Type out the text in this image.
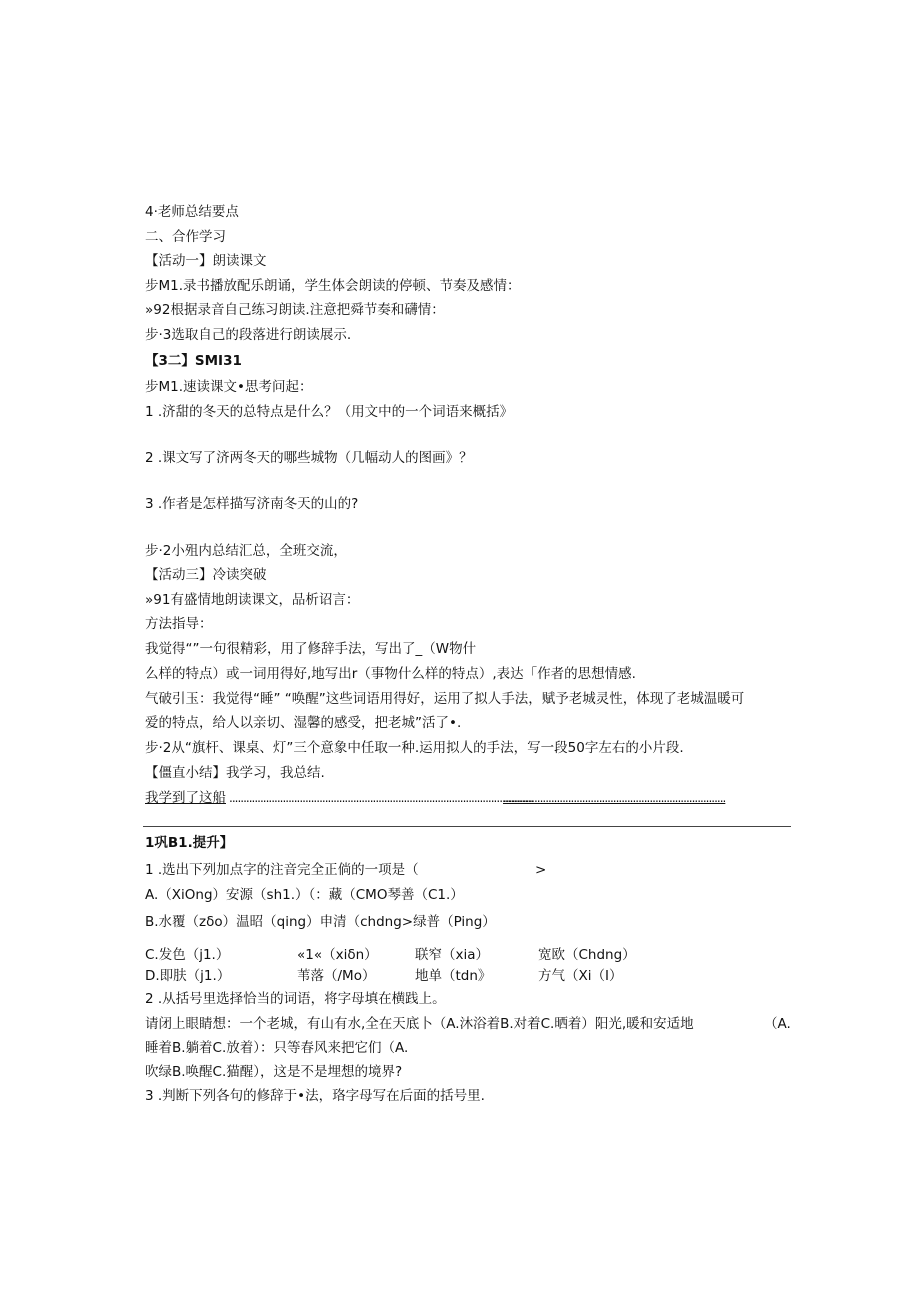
4·老师总结要点
二、合作学习
【活动一】朗读课文
步M1.录书播放配乐朗诵，学生体会朗读的停顿、节奏及感情：
»92根据录音自己练习朗读.注意把舜节奏和礴情：
步·3选取自己的段落进行朗读展示.
【3二】SMI31
步M1.速读课文•思考问起：
1 .济甜的冬天的总特点是什么？（用文中的一个词语来概括》
2 .课文写了济两冬天的哪些城物（几幅动人的图画》？
3 .作者是怎样描写济南冬天的山的?
步·2小殂内总结汇总，全班交流，
【活动三】冷读突破
»91有盛情地朗读课文，品析诏言：
方法指导：
我觉得“”一句很精彩，用了修辞手法，写出了_（W物什
么样的特点）或一词用得好,地写出r（事物什么样的特点）,表达「作者的思想情感.
气破引玉：我觉得“睡” “唤醒”这些词语用得好，运用了拟人手法，赋予老城灵性，体现了老城温暖可
爱的特点，给人以亲切、湿馨的感受，把老城”活了•.
步·2从“旗杆、课桌、灯”三个意象中任取一种.运用拟人的手法，写一段50字左右的小片段.
【僵直小结】我学习，我总结.
我学到了这船 ............................................................................................................
...............................................................................
1巩B1.提升】
1 .选出下列加点字的注音完全正倘的一项是（	>
A.（XiOng）安源（sh1.）（：藏（CMO琴善（C1.）
B.水覆（zδo）温昭（qing）申清（chdng>绿普（Ping）
C.发色（j1.）	«1«（xiδn）	联窄（xia）	宽欧（Chdng）
D.即肤（j1.）	苇落（/Mo）	地单（tdn》	方气（Xi（I）
2 .从括号里选择恰当的词语，将字母填在横践上。
请闭上眼睛想：一个老城，有山有水,全在天底卜（A.沐浴着B.对着C.晒着）阳光,暖和安适地	（A.
睡着B.躺着C.放着）：只等春风来把它们（A.
吹绿B.唤醒C.猫醒），这是不是埋想的境界?
3 .判断下列各句的修辞于•法，珞字母写在后面的括号里.
